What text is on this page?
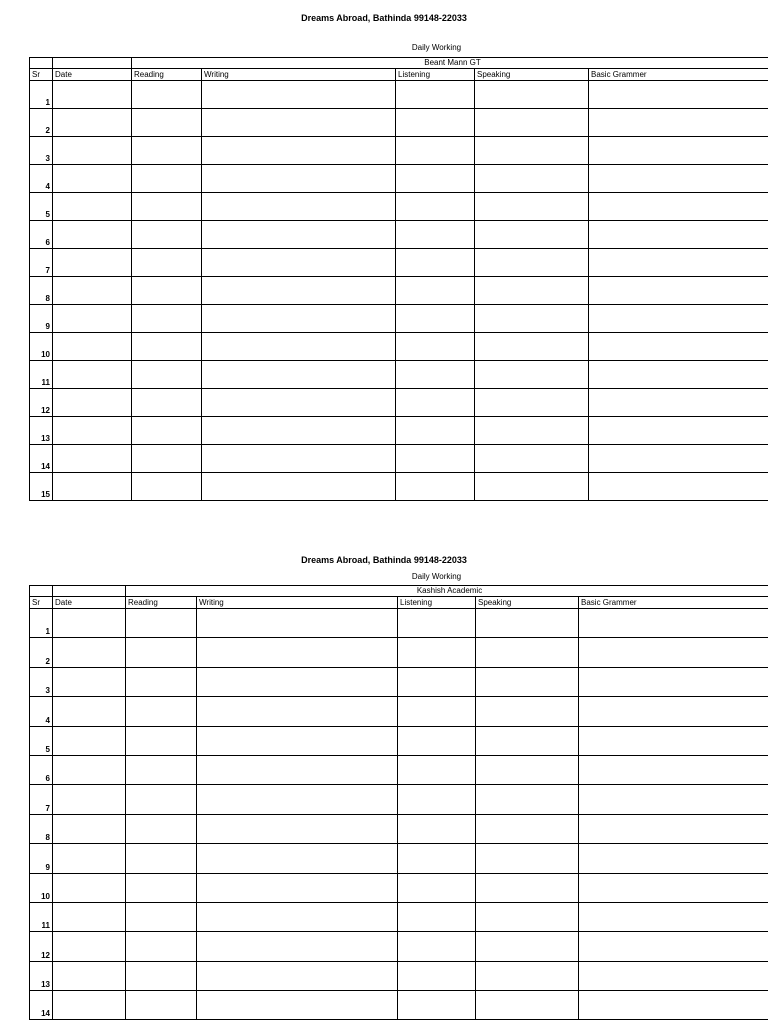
Dreams Abroad, Bathinda 99148-22033
Daily Working
		Beant Mann GT				
Sr	Date	Reading	Writing	Listening	Speaking	Basic Grammer
1						
2						
3						
4						
5						
6						
7						
8						
9						
10						
11						
12						
13						
14						
15						
Dreams Abroad, Bathinda 99148-22033
Daily Working
		Kashish Academic				
Sr	Date	Reading	Writing	Listening	Speaking	Basic Grammer
1						
2						
3						
4						
5						
6						
7						
8						
9						
10						
11						
12						
13						
14						
